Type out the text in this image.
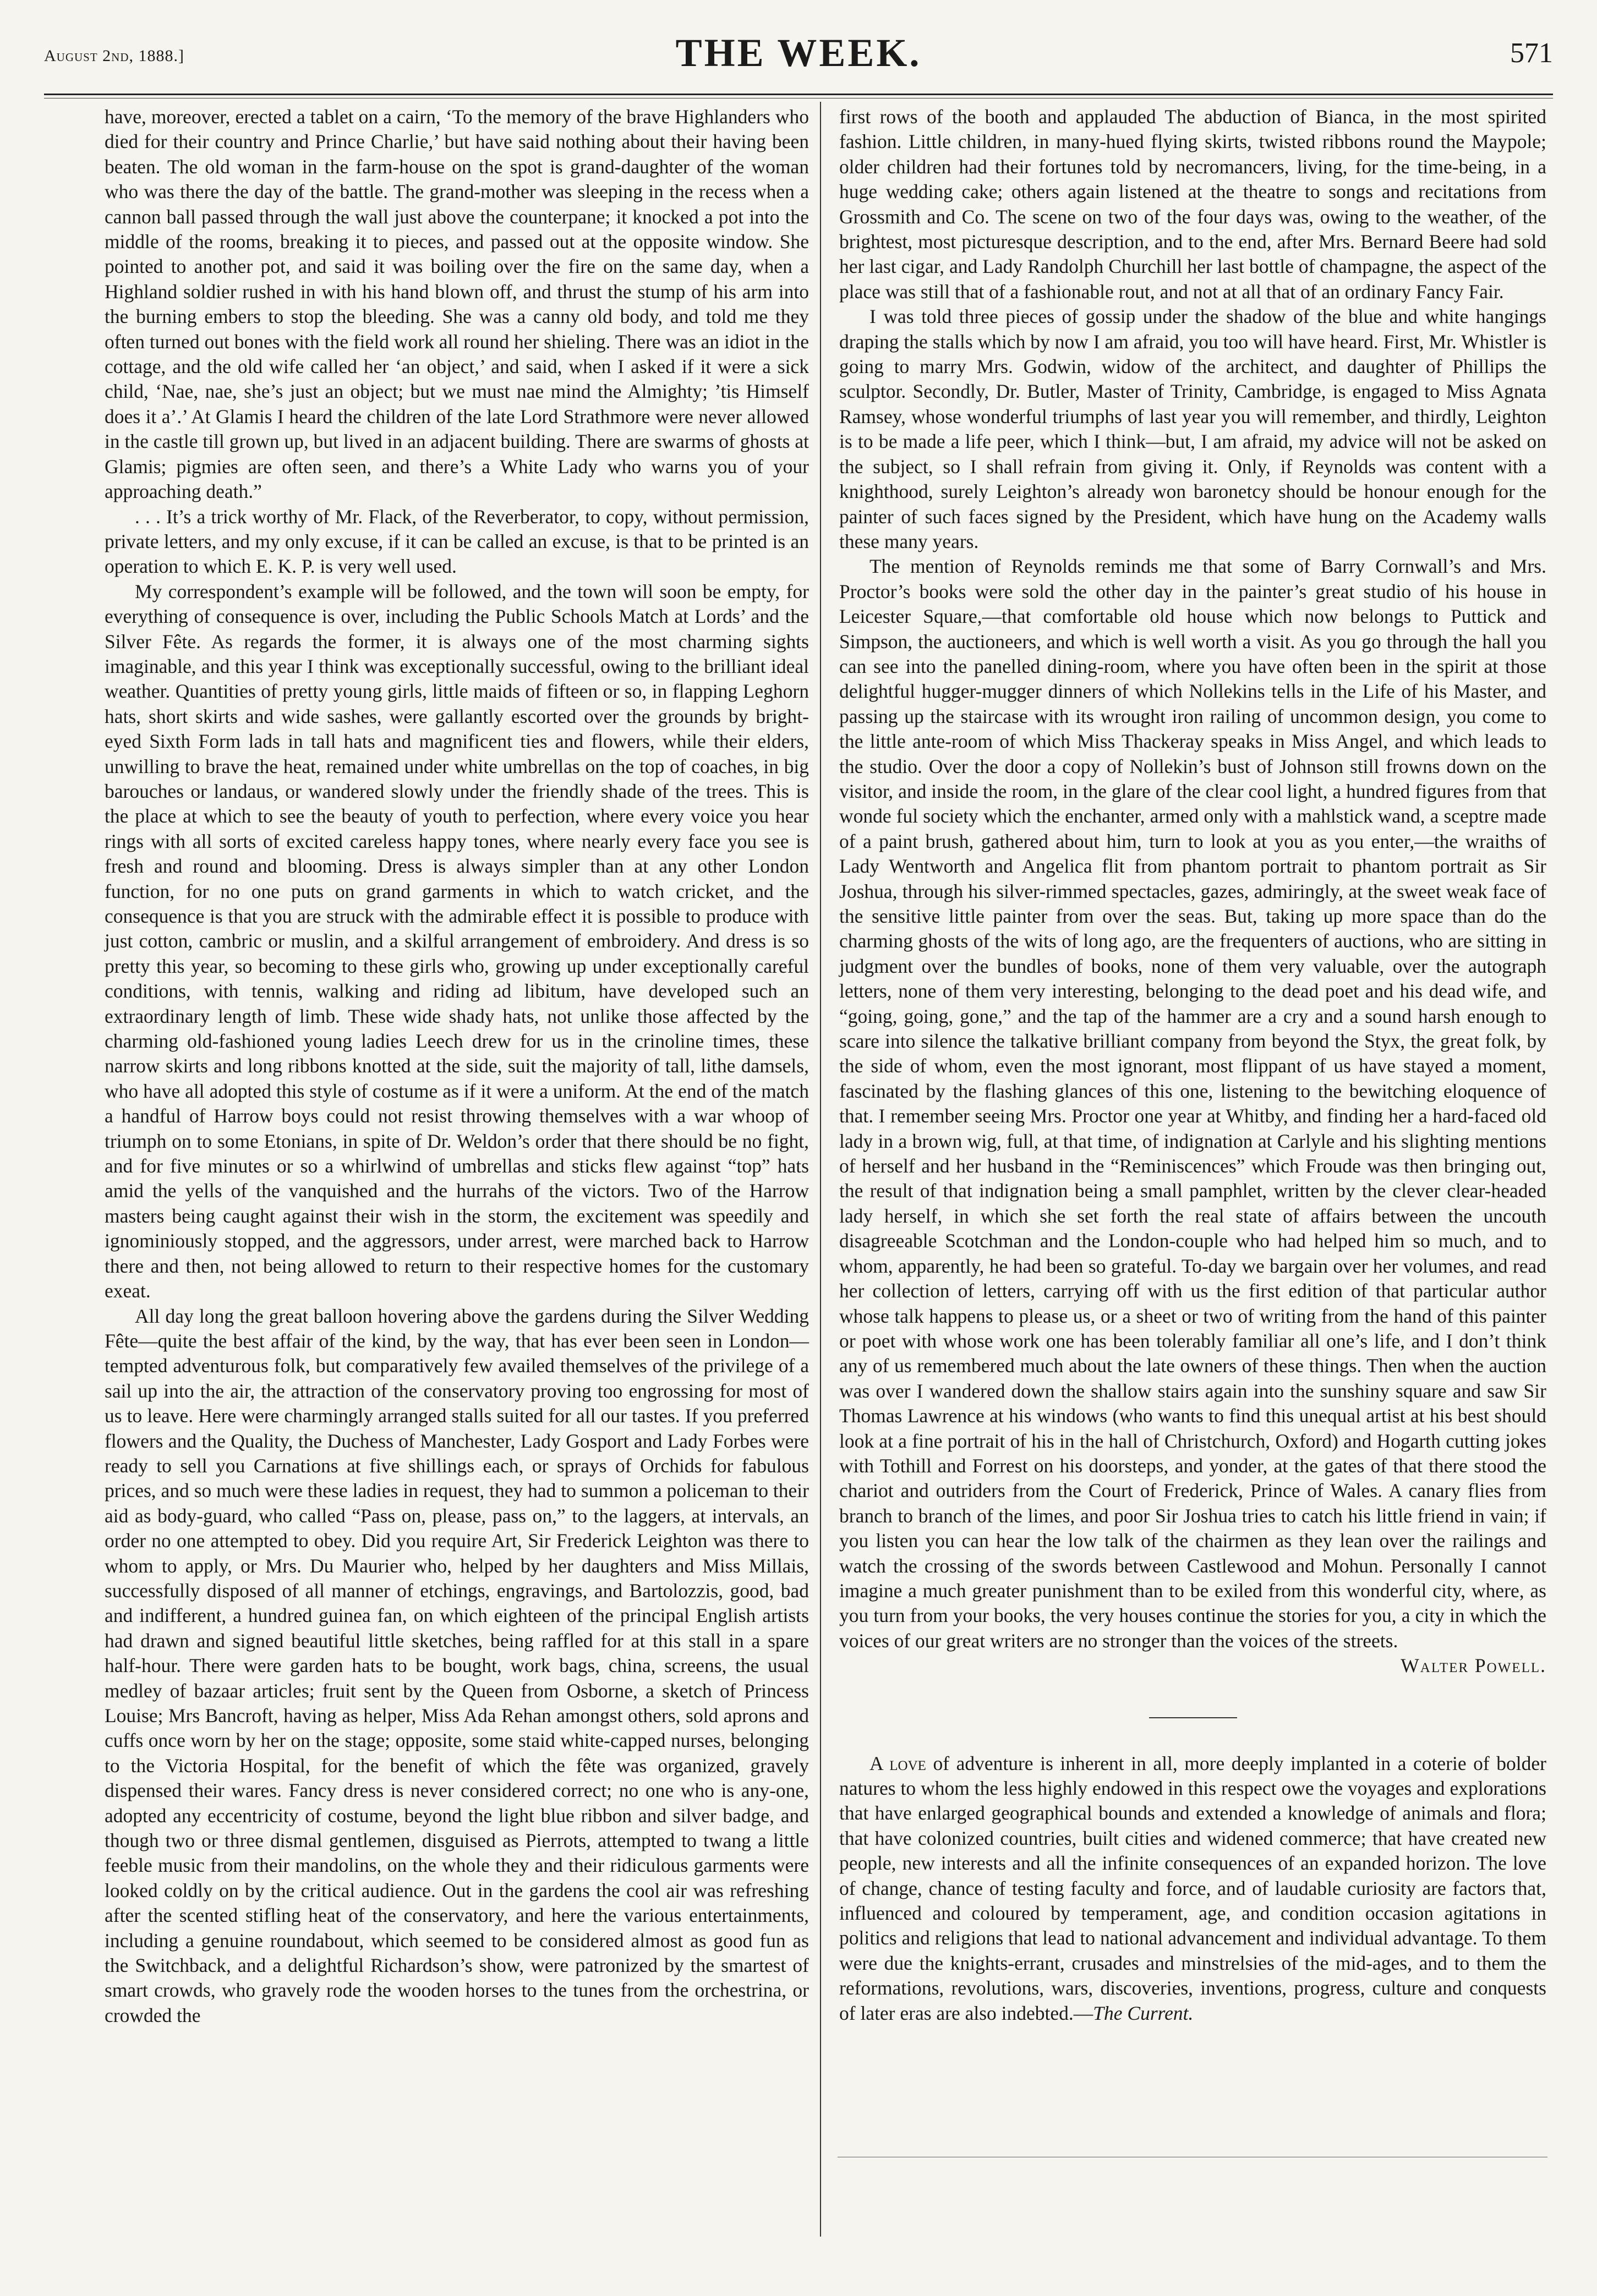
August 2nd, 1888.]	THE WEEK.	571

have, moreover, erected a tablet on a cairn, ‘To the memory of the brave Highlanders who died for their country and Prince Charlie,’ but have said nothing about their having been beaten. The old woman in the farm-house on the spot is grand-daughter of the woman who was there the day of the battle. The grand-mother was sleeping in the recess when a cannon ball passed through the wall just above the counterpane; it knocked a pot into the middle of the rooms, breaking it to pieces, and passed out at the opposite window. She pointed to another pot, and said it was boiling over the fire on the same day, when a Highland soldier rushed in with his hand blown off, and thrust the stump of his arm into the burning embers to stop the bleeding. She was a canny old body, and told me they often turned out bones with the field work all round her shieling. There was an idiot in the cottage, and the old wife called her ‘an object,’ and said, when I asked if it were a sick child, ‘Nae, nae, she’s just an object; but we must nae mind the Almighty; ’tis Himself does it a’.’ At Glamis I heard the children of the late Lord Strathmore were never allowed in the castle till grown up, but lived in an adjacent building. There are swarms of ghosts at Glamis; pigmies are often seen, and there’s a White Lady who warns you of your approaching death.”

. . . It’s a trick worthy of Mr. Flack, of the Reverberator, to copy, without permission, private letters, and my only excuse, if it can be called an excuse, is that to be printed is an operation to which E. K. P. is very well used.

My correspondent’s example will be followed, and the town will soon be empty, for everything of consequence is over, including the Public Schools Match at Lords’ and the Silver Fête. As regards the former, it is always one of the most charming sights imaginable, and this year I think was exceptionally successful, owing to the brilliant ideal weather. Quantities of pretty young girls, little maids of fifteen or so, in flapping Leghorn hats, short skirts and wide sashes, were gallantly escorted over the grounds by bright-eyed Sixth Form lads in tall hats and magnificent ties and flowers, while their elders, unwilling to brave the heat, remained under white umbrellas on the top of coaches, in big barouches or landaus, or wandered slowly under the friendly shade of the trees. This is the place at which to see the beauty of youth to perfection, where every voice you hear rings with all sorts of excited careless happy tones, where nearly every face you see is fresh and round and blooming. Dress is always simpler than at any other London function, for no one puts on grand garments in which to watch cricket, and the consequence is that you are struck with the admirable effect it is possible to produce with just cotton, cambric or muslin, and a skilful arrangement of embroidery. And dress is so pretty this year, so becoming to these girls who, growing up under exceptionally careful conditions, with tennis, walking and riding ad libitum, have developed such an extraordinary length of limb. These wide shady hats, not unlike those affected by the charming old-fashioned young ladies Leech drew for us in the crinoline times, these narrow skirts and long ribbons knotted at the side, suit the majority of tall, lithe damsels, who have all adopted this style of costume as if it were a uniform. At the end of the match a handful of Harrow boys could not resist throwing themselves with a war whoop of triumph on to some Etonians, in spite of Dr. Weldon’s order that there should be no fight, and for five minutes or so a whirlwind of umbrellas and sticks flew against “top” hats amid the yells of the vanquished and the hurrahs of the victors. Two of the Harrow masters being caught against their wish in the storm, the excitement was speedily and ignominiously stopped, and the aggressors, under arrest, were marched back to Harrow there and then, not being allowed to return to their respective homes for the customary exeat.

All day long the great balloon hovering above the gardens during the Silver Wedding Fête—quite the best affair of the kind, by the way, that has ever been seen in London—tempted adventurous folk, but comparatively few availed themselves of the privilege of a sail up into the air, the attraction of the conservatory proving too engrossing for most of us to leave. Here were charmingly arranged stalls suited for all our tastes. If you preferred flowers and the Quality, the Duchess of Manchester, Lady Gosport and Lady Forbes were ready to sell you Carnations at five shillings each, or sprays of Orchids for fabulous prices, and so much were these ladies in request, they had to summon a policeman to their aid as body-guard, who called “Pass on, please, pass on,” to the laggers, at intervals, an order no one attempted to obey. Did you require Art, Sir Frederick Leighton was there to whom to apply, or Mrs. Du Maurier who, helped by her daughters and Miss Millais, successfully disposed of all manner of etchings, engravings, and Bartolozzis, good, bad and indifferent, a hundred guinea fan, on which eighteen of the principal English artists had drawn and signed beautiful little sketches, being raffled for at this stall in a spare half-hour. There were garden hats to be bought, work bags, china, screens, the usual medley of bazaar articles; fruit sent by the Queen from Osborne, a sketch of Princess Louise; Mrs Bancroft, having as helper, Miss Ada Rehan amongst others, sold aprons and cuffs once worn by her on the stage; opposite, some staid white-capped nurses, belonging to the Victoria Hospital, for the benefit of which the fête was organized, gravely dispensed their wares. Fancy dress is never considered correct; no one who is any-one, adopted any eccentricity of costume, beyond the light blue ribbon and silver badge, and though two or three dismal gentlemen, disguised as Pierrots, attempted to twang a little feeble music from their mandolins, on the whole they and their ridiculous garments were looked coldly on by the critical audience. Out in the gardens the cool air was refreshing after the scented stifling heat of the conservatory, and here the various entertainments, including a genuine roundabout, which seemed to be considered almost as good fun as the Switchback, and a delightful Richardson’s show, were patronized by the smartest of smart crowds, who gravely rode the wooden horses to the tunes from the orchestrina, or crowded the

first rows of the booth and applauded The abduction of Bianca, in the most spirited fashion. Little children, in many-hued flying skirts, twisted ribbons round the Maypole; older children had their fortunes told by necromancers, living, for the time-being, in a huge wedding cake; others again listened at the theatre to songs and recitations from Grossmith and Co. The scene on two of the four days was, owing to the weather, of the brightest, most picturesque description, and to the end, after Mrs. Bernard Beere had sold her last cigar, and Lady Randolph Churchill her last bottle of champagne, the aspect of the place was still that of a fashionable rout, and not at all that of an ordinary Fancy Fair.

I was told three pieces of gossip under the shadow of the blue and white hangings draping the stalls which by now I am afraid, you too will have heard. First, Mr. Whistler is going to marry Mrs. Godwin, widow of the architect, and daughter of Phillips the sculptor. Secondly, Dr. Butler, Master of Trinity, Cambridge, is engaged to Miss Agnata Ramsey, whose wonderful triumphs of last year you will remember, and thirdly, Leighton is to be made a life peer, which I think—but, I am afraid, my advice will not be asked on the subject, so I shall refrain from giving it. Only, if Reynolds was content with a knighthood, surely Leighton’s already won baronetcy should be honour enough for the painter of such faces signed by the President, which have hung on the Academy walls these many years.

The mention of Reynolds reminds me that some of Barry Cornwall’s and Mrs. Proctor’s books were sold the other day in the painter’s great studio of his house in Leicester Square,—that comfortable old house which now belongs to Puttick and Simpson, the auctioneers, and which is well worth a visit. As you go through the hall you can see into the panelled dining-room, where you have often been in the spirit at those delightful hugger-mugger dinners of which Nollekins tells in the Life of his Master, and passing up the staircase with its wrought iron railing of uncommon design, you come to the little ante-room of which Miss Thackeray speaks in Miss Angel, and which leads to the studio. Over the door a copy of Nollekin’s bust of Johnson still frowns down on the visitor, and inside the room, in the glare of the clear cool light, a hundred figures from that wonde ful society which the enchanter, armed only with a mahlstick wand, a sceptre made of a paint brush, gathered about him, turn to look at you as you enter,—the wraiths of Lady Wentworth and Angelica flit from phantom portrait to phantom portrait as Sir Joshua, through his silver-rimmed spectacles, gazes, admiringly, at the sweet weak face of the sensitive little painter from over the seas. But, taking up more space than do the charming ghosts of the wits of long ago, are the frequenters of auctions, who are sitting in judgment over the bundles of books, none of them very valuable, over the autograph letters, none of them very interesting, belonging to the dead poet and his dead wife, and “going, going, gone,” and the tap of the hammer are a cry and a sound harsh enough to scare into silence the talkative brilliant company from beyond the Styx, the great folk, by the side of whom, even the most ignorant, most flippant of us have stayed a moment, fascinated by the flashing glances of this one, listening to the bewitching eloquence of that. I remember seeing Mrs. Proctor one year at Whitby, and finding her a hard-faced old lady in a brown wig, full, at that time, of indignation at Carlyle and his slighting mentions of herself and her husband in the “Reminiscences” which Froude was then bringing out, the result of that indignation being a small pamphlet, written by the clever clear-headed lady herself, in which she set forth the real state of affairs between the uncouth disagreeable Scotchman and the London-couple who had helped him so much, and to whom, apparently, he had been so grateful. To-day we bargain over her volumes, and read her collection of letters, carrying off with us the first edition of that particular author whose talk happens to please us, or a sheet or two of writing from the hand of this painter or poet with whose work one has been tolerably familiar all one’s life, and I don’t think any of us remembered much about the late owners of these things. Then when the auction was over I wandered down the shallow stairs again into the sunshiny square and saw Sir Thomas Lawrence at his windows (who wants to find this unequal artist at his best should look at a fine portrait of his in the hall of Christchurch, Oxford) and Hogarth cutting jokes with Tothill and Forrest on his doorsteps, and yonder, at the gates of that there stood the chariot and outriders from the Court of Frederick, Prince of Wales. A canary flies from branch to branch of the limes, and poor Sir Joshua tries to catch his little friend in vain; if you listen you can hear the low talk of the chairmen as they lean over the railings and watch the crossing of the swords between Castlewood and Mohun. Personally I cannot imagine a much greater punishment than to be exiled from this wonderful city, where, as you turn from your books, the very houses continue the stories for you, a city in which the voices of our great writers are no stronger than the voices of the streets.
Walter Powell.

A love of adventure is inherent in all, more deeply implanted in a coterie of bolder natures to whom the less highly endowed in this respect owe the voyages and explorations that have enlarged geographical bounds and extended a knowledge of animals and flora; that have colonized countries, built cities and widened commerce; that have created new people, new interests and all the infinite consequences of an expanded horizon. The love of change, chance of testing faculty and force, and of laudable curiosity are factors that, influenced and coloured by temperament, age, and condition occasion agitations in politics and religions that lead to national advancement and individual advantage. To them were due the knights-errant, crusades and minstrelsies of the mid-ages, and to them the reformations, revolutions, wars, discoveries, inventions, progress, culture and conquests of later eras are also indebted.—The Current.
